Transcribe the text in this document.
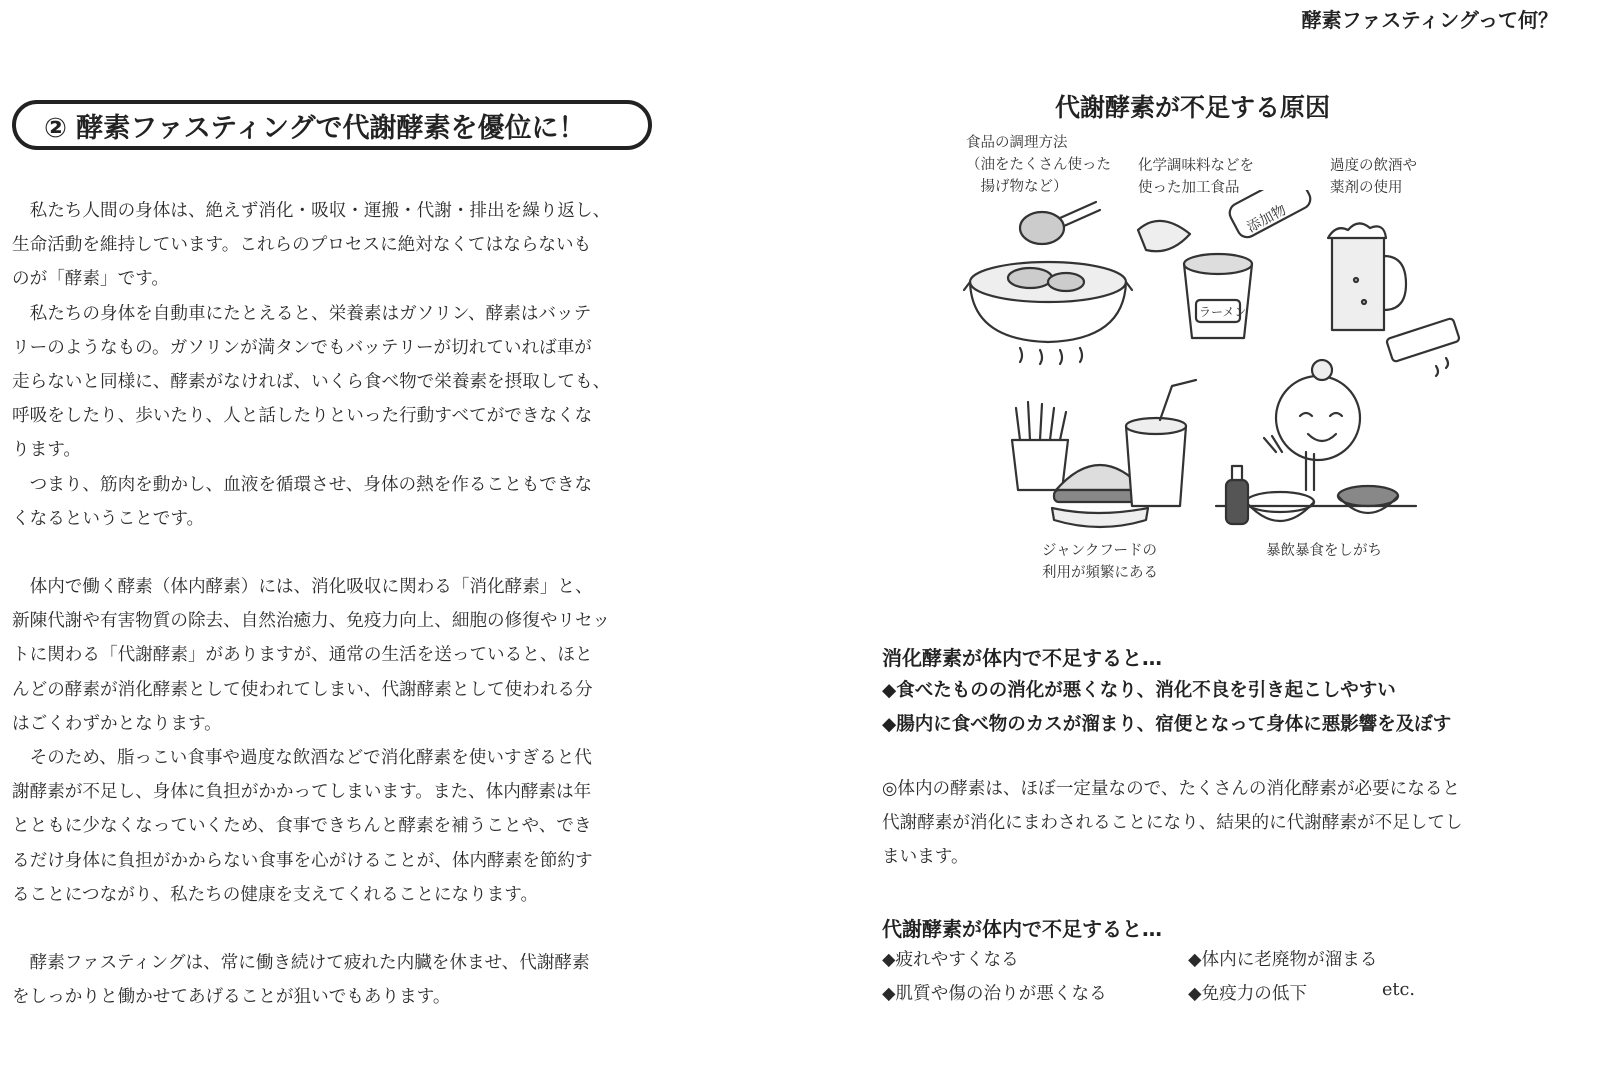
酵素ファスティングって何？
② 酵素ファスティングで代謝酵素を優位に！

私たち人間の身体は、絶えず消化・吸収・運搬・代謝・排出を繰り返し、
生命活動を維持しています。これらのプロセスに絶対なくてはならないも
のが「酵素」です。

私たちの身体を自動車にたとえると、栄養素はガソリン、酵素はバッテ
リーのようなもの。ガソリンが満タンでもバッテリーが切れていれば車が
走らないと同様に、酵素がなければ、いくら食べ物で栄養素を摂取しても、
呼吸をしたり、歩いたり、人と話したりといった行動すべてができなくな
ります。

つまり、筋肉を動かし、血液を循環させ、身体の熱を作ることもできな
くなるということです。

体内で働く酵素（体内酵素）には、消化吸収に関わる「消化酵素」と、
新陳代謝や有害物質の除去、自然治癒力、免疫力向上、細胞の修復やリセッ
トに関わる「代謝酵素」がありますが、通常の生活を送っていると、ほと
んどの酵素が消化酵素として使われてしまい、代謝酵素として使われる分
はごくわずかとなります。

そのため、脂っこい食事や過度な飲酒などで消化酵素を使いすぎると代
謝酵素が不足し、身体に負担がかかってしまいます。また、体内酵素は年
とともに少なくなっていくため、食事できちんと酵素を補うことや、でき
るだけ身体に負担がかからない食事を心がけることが、体内酵素を節約す
ることにつながり、私たちの健康を支えてくれることになります。

酵素ファスティングは、常に働き続けて疲れた内臓を休ませ、代謝酵素
をしっかりと働かせてあげることが狙いでもあります。

代謝酵素が不足する原因
食品の調理方法
（油をたくさん使った
　揚げ物など）
化学調味料などを
使った加工食品
過度の飲酒や
薬剤の使用
ジャンクフードの
利用が頻繁にある
暴飲暴食をしがち
ラーメン
添加物
消化酵素が体内で不足すると…
◆食べたものの消化が悪くなり、消化不良を引き起こしやすい
◆腸内に食べ物のカスが溜まり、宿便となって身体に悪影響を及ぼす
◎体内の酵素は、ほぼ一定量なので、たくさんの消化酵素が必要になると
代謝酵素が消化にまわされることになり、結果的に代謝酵素が不足してし
まいます。
代謝酵素が体内で不足すると…
◆疲れやすくなる	◆体内に老廃物が溜まる
◆肌質や傷の治りが悪くなる	◆免疫力の低下	etc.
